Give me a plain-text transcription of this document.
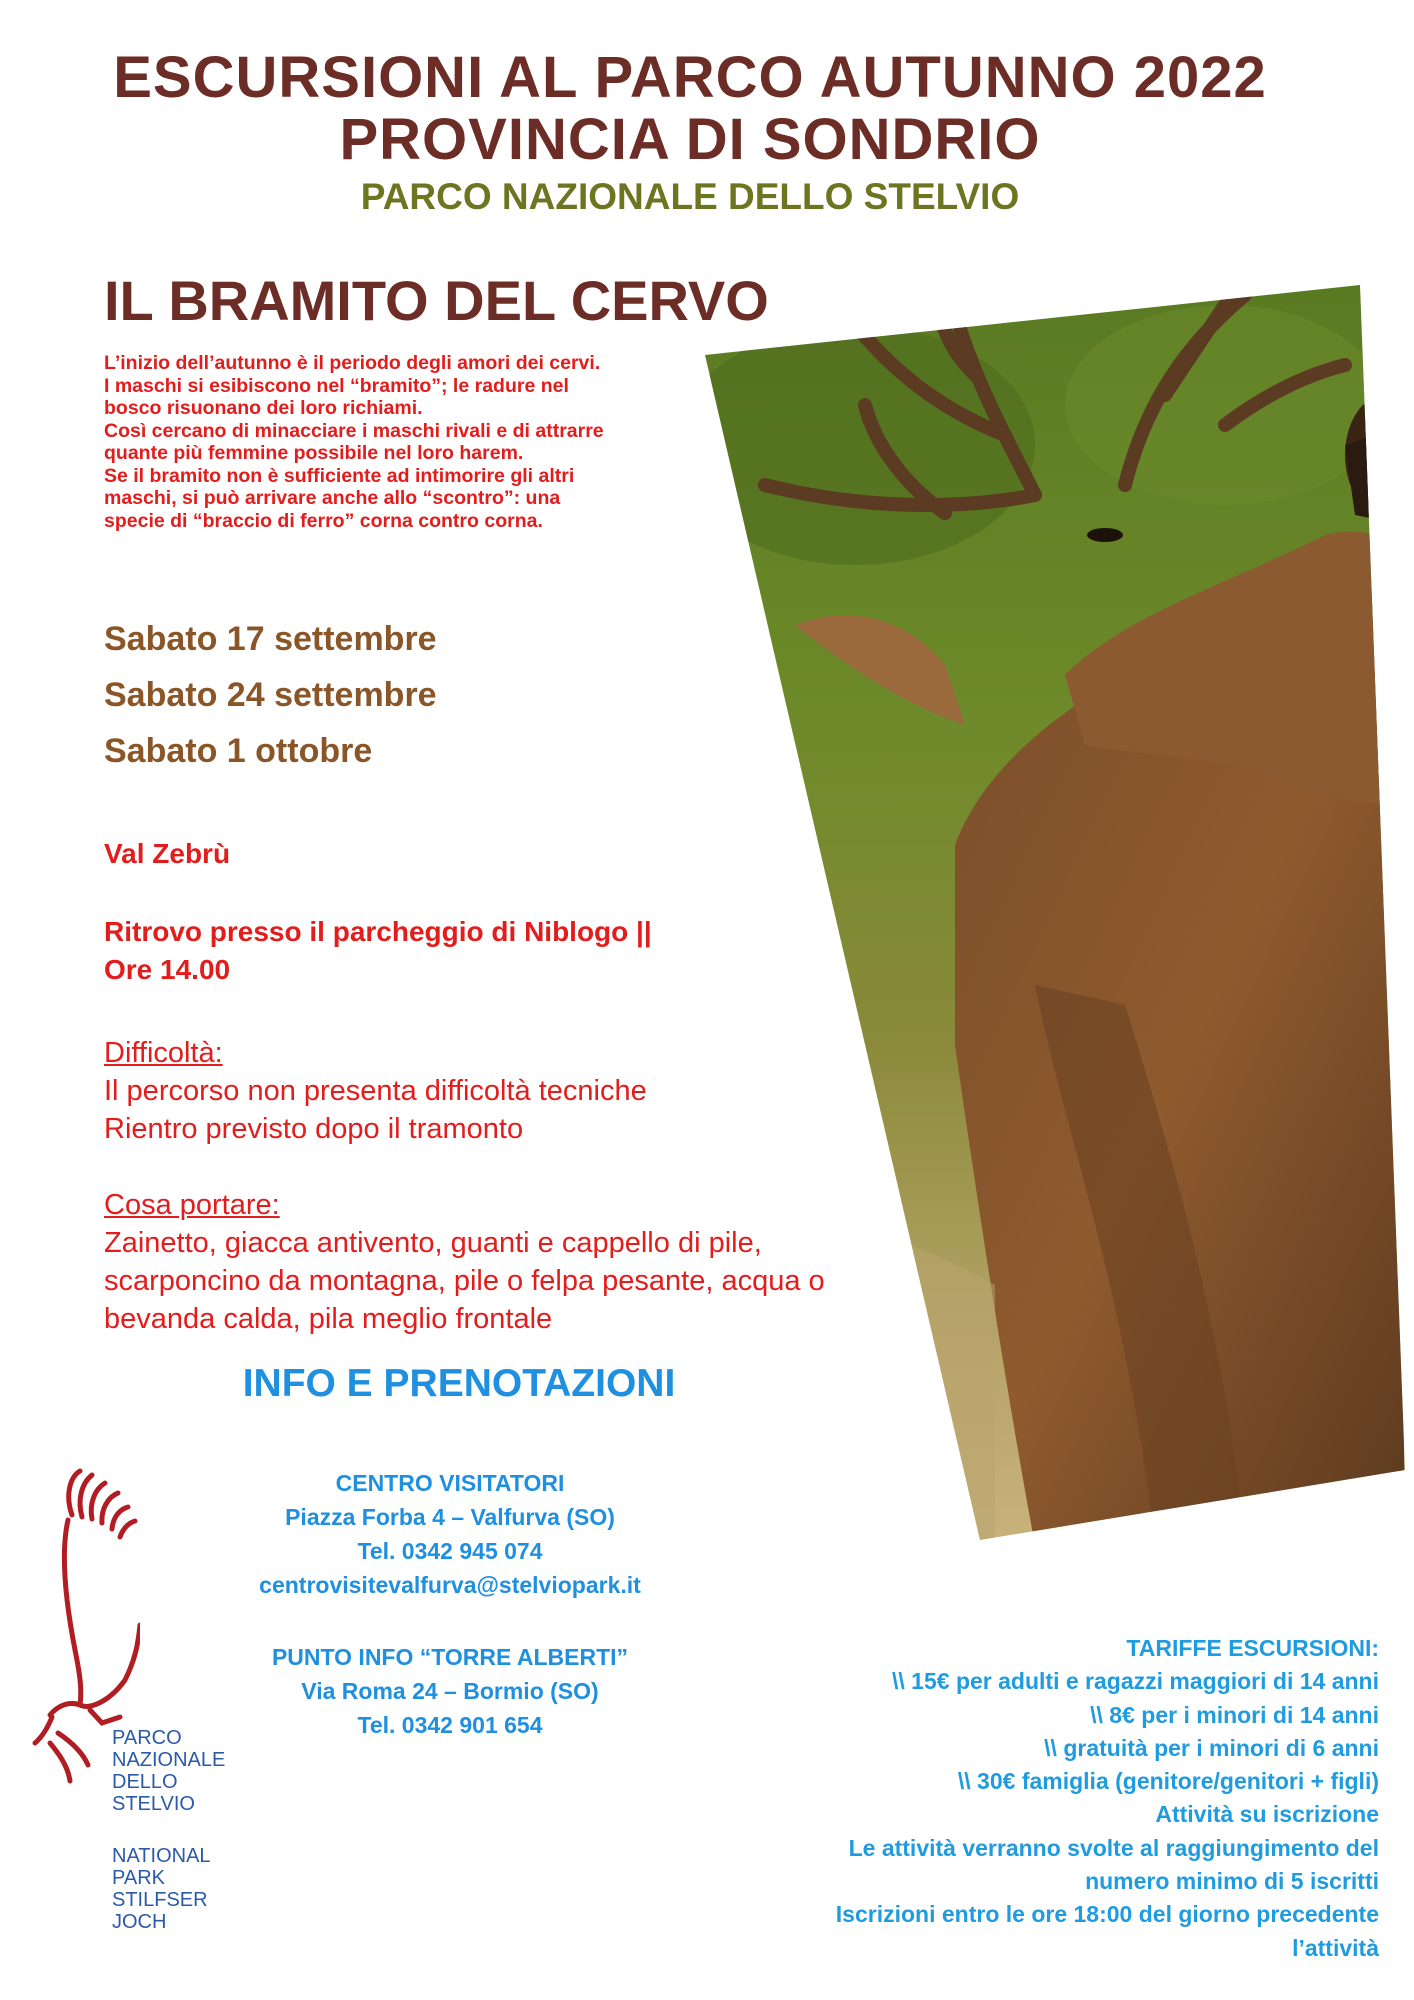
ESCURSIONI AL PARCO AUTUNNO 2022
PROVINCIA DI SONDRIO
PARCO NAZIONALE DELLO STELVIO
IL BRAMITO DEL CERVO
L’inizio dell’autunno è il periodo degli amori dei cervi.
I maschi si esibiscono nel “bramito”; le radure nel
bosco risuonano dei loro richiami.
Così cercano di minacciare i maschi rivali e di attrarre
quante più femmine possibile nel loro harem.
Se il bramito non è sufficiente ad intimorire gli altri
maschi, si può arrivare anche allo “scontro”: una
specie di “braccio di ferro” corna contro corna.
Sabato 17 settembre
Sabato 24 settembre
Sabato 1 ottobre
Val Zebrù
Ritrovo presso il parcheggio di Niblogo ||
Ore 14.00
Difficoltà:
Il percorso non presenta difficoltà tecniche
Rientro previsto dopo il tramonto
Cosa portare:
Zainetto, giacca antivento, guanti e cappello di pile,
scarponcino da montagna, pile o felpa pesante, acqua o
bevanda calda, pila meglio frontale
INFO E PRENOTAZIONI
CENTRO VISITATORI
Piazza Forba 4 – Valfurva (SO)
Tel. 0342 945 074
centrovisitevalfurva@stelviopark.it
PUNTO INFO “TORRE ALBERTI”
Via Roma 24 – Bormio (SO)
Tel. 0342 901 654
PARCO
NAZIONALE
DELLO
STELVIO
NATIONAL
PARK
STILFSER
JOCH
TARIFFE ESCURSIONI:
\\ 15€ per adulti e ragazzi maggiori di 14 anni
\\ 8€ per i minori di 14 anni
\\ gratuità per i minori di 6 anni
\\ 30€ famiglia (genitore/genitori + figli)
Attività su iscrizione
Le attività verranno svolte al raggiungimento del
numero minimo di 5 iscritti
Iscrizioni entro le ore 18:00 del giorno precedente
l’attività
